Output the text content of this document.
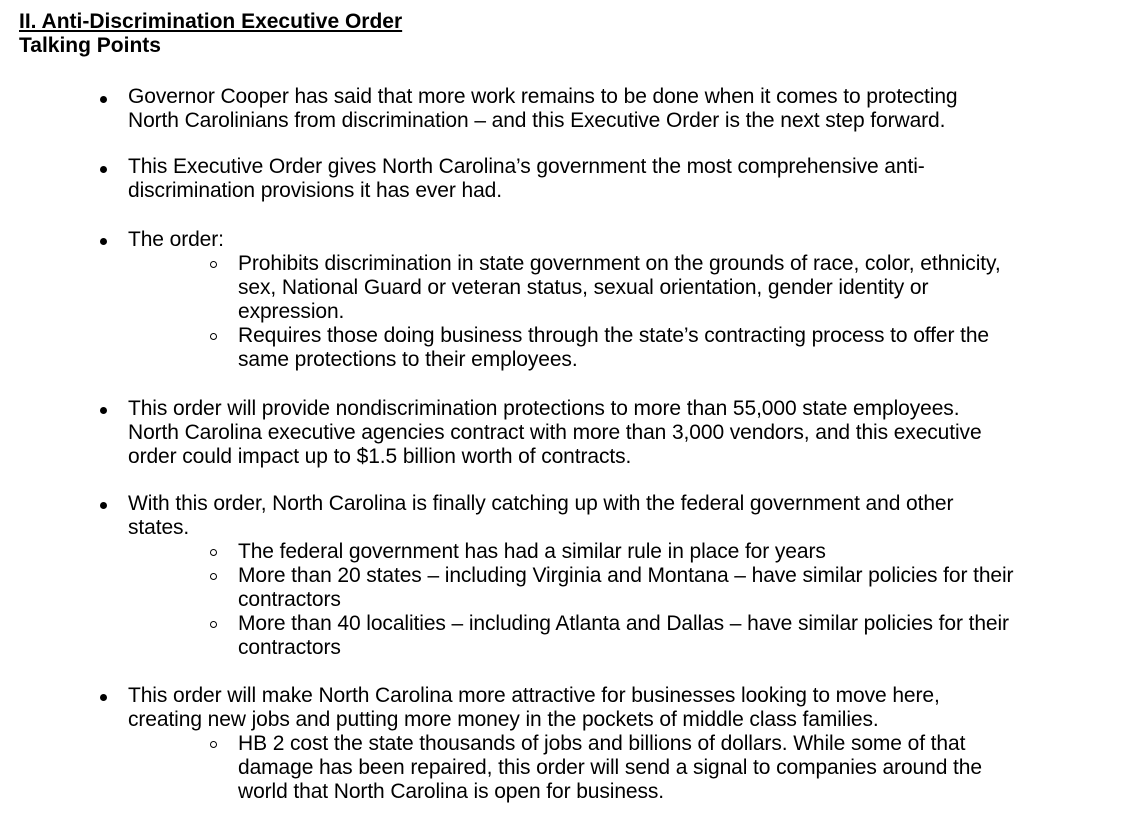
II. Anti-Discrimination Executive Order
Talking Points
Governor Cooper has said that more work remains to be done when it comes to protecting
North Carolinians from discrimination – and this Executive Order is the next step forward.
This Executive Order gives North Carolina’s government the most comprehensive anti-
discrimination provisions it has ever had.
The order:
Prohibits discrimination in state government on the grounds of race, color, ethnicity,
sex, National Guard or veteran status, sexual orientation, gender identity or
expression.
Requires those doing business through the state’s contracting process to offer the
same protections to their employees.
This order will provide nondiscrimination protections to more than 55,000 state employees.
North Carolina executive agencies contract with more than 3,000 vendors, and this executive
order could impact up to $1.5 billion worth of contracts.
With this order, North Carolina is finally catching up with the federal government and other
states.
The federal government has had a similar rule in place for years
More than 20 states – including Virginia and Montana – have similar policies for their
contractors
More than 40 localities – including Atlanta and Dallas – have similar policies for their
contractors
This order will make North Carolina more attractive for businesses looking to move here,
creating new jobs and putting more money in the pockets of middle class families.
HB 2 cost the state thousands of jobs and billions of dollars. While some of that
damage has been repaired, this order will send a signal to companies around the
world that North Carolina is open for business.
